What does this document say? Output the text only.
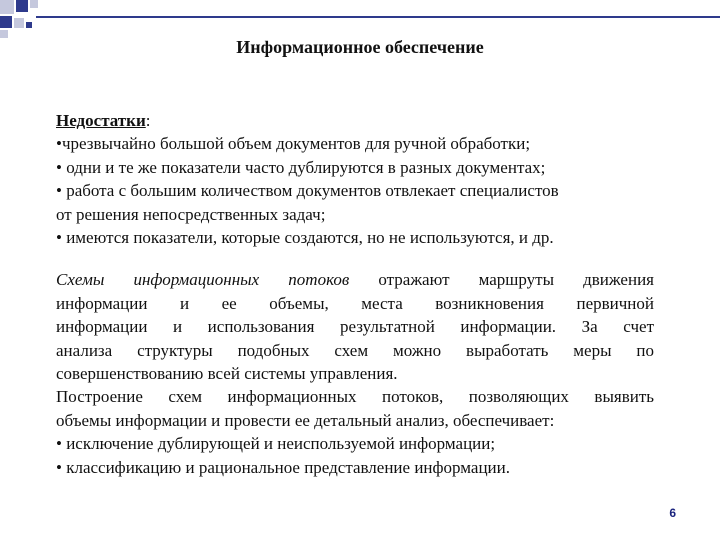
Информационное обеспечение
Недостатки:
•чрезвычайно большой объем документов для ручной обработки;
• одни и те же показатели часто дублируются в разных документах;
• работа с большим количеством документов отвлекает специалистов
от решения непосредственных задач;
• имеются показатели, которые создаются, но не используются, и др.
Схемы информационных потоков отражают маршруты движения
информации и ее объемы, места возникновения первичной
информации и использования результатной информации. За счет
анализа структуры подобных схем можно выработать меры по
совершенствованию всей системы управления.
Построение схем информационных потоков, позволяющих выявить
объемы информации и провести ее детальный анализ, обеспечивает:
• исключение дублирующей и неиспользуемой информации;
• классификацию и рациональное представление информации.
6
